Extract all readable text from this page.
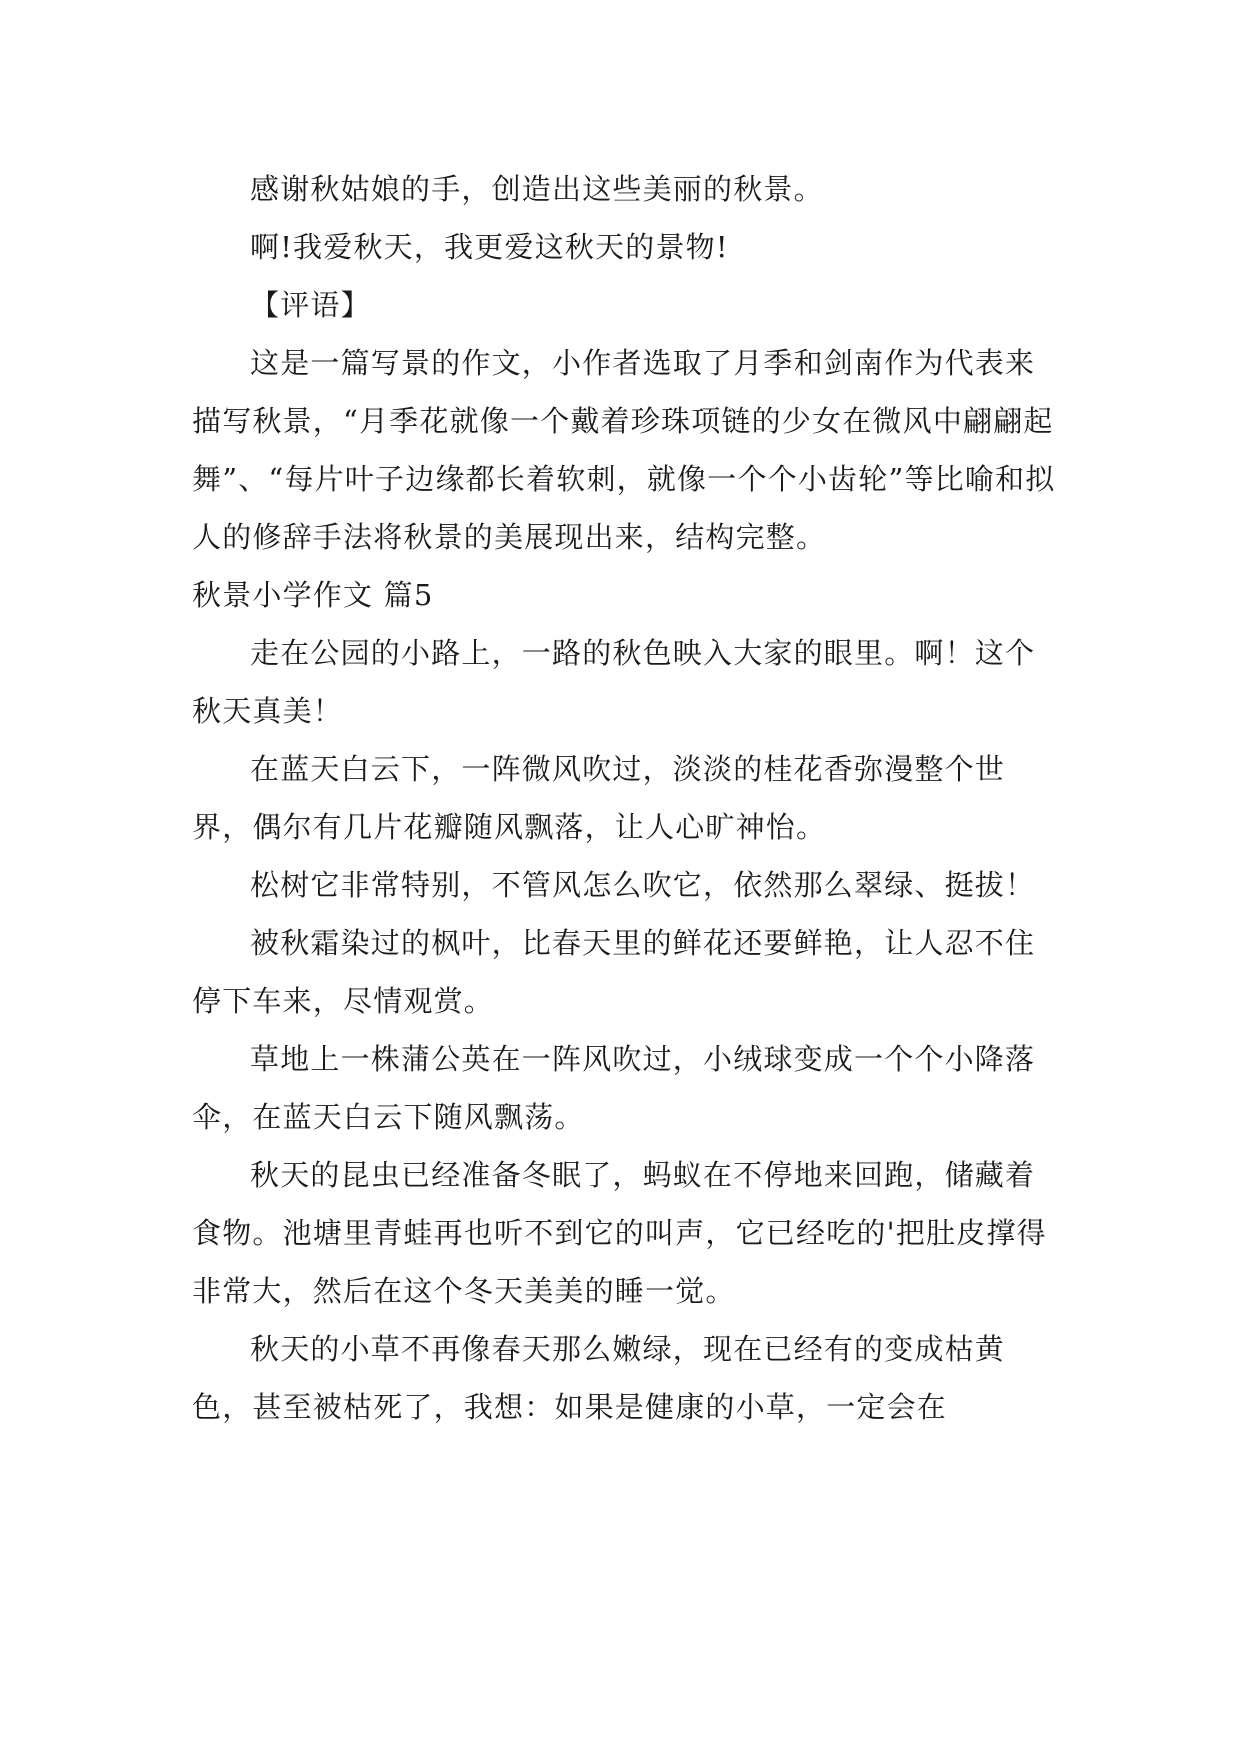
感谢秋姑娘的手，创造出这些美丽的秋景。

啊!我爱秋天，我更爱这秋天的景物!

【评语】

这是一篇写景的作文，小作者选取了月季和剑南作为代表来描写秋景，“月季花就像一个戴着珍珠项链的少女在微风中翩翩起舞”、“每片叶子边缘都长着软刺，就像一个个小齿轮”等比喻和拟人的修辞手法将秋景的美展现出来，结构完整。

秋景小学作文 篇5

走在公园的小路上，一路的秋色映入大家的眼里。啊！这个秋天真美！

在蓝天白云下，一阵微风吹过，淡淡的桂花香弥漫整个世界，偶尔有几片花瓣随风飘落，让人心旷神怡。

松树它非常特别，不管风怎么吹它，依然那么翠绿、挺拔！

被秋霜染过的枫叶，比春天里的鲜花还要鲜艳，让人忍不住停下车来，尽情观赏。

草地上一株蒲公英在一阵风吹过，小绒球变成一个个小降落伞，在蓝天白云下随风飘荡。

秋天的昆虫已经准备冬眠了，蚂蚁在不停地来回跑，储藏着食物。池塘里青蛙再也听不到它的叫声，它已经吃的'把肚皮撑得非常大，然后在这个冬天美美的睡一觉。

秋天的小草不再像春天那么嫩绿，现在已经有的变成枯黄色，甚至被枯死了，我想：如果是健康的小草，一定会在
